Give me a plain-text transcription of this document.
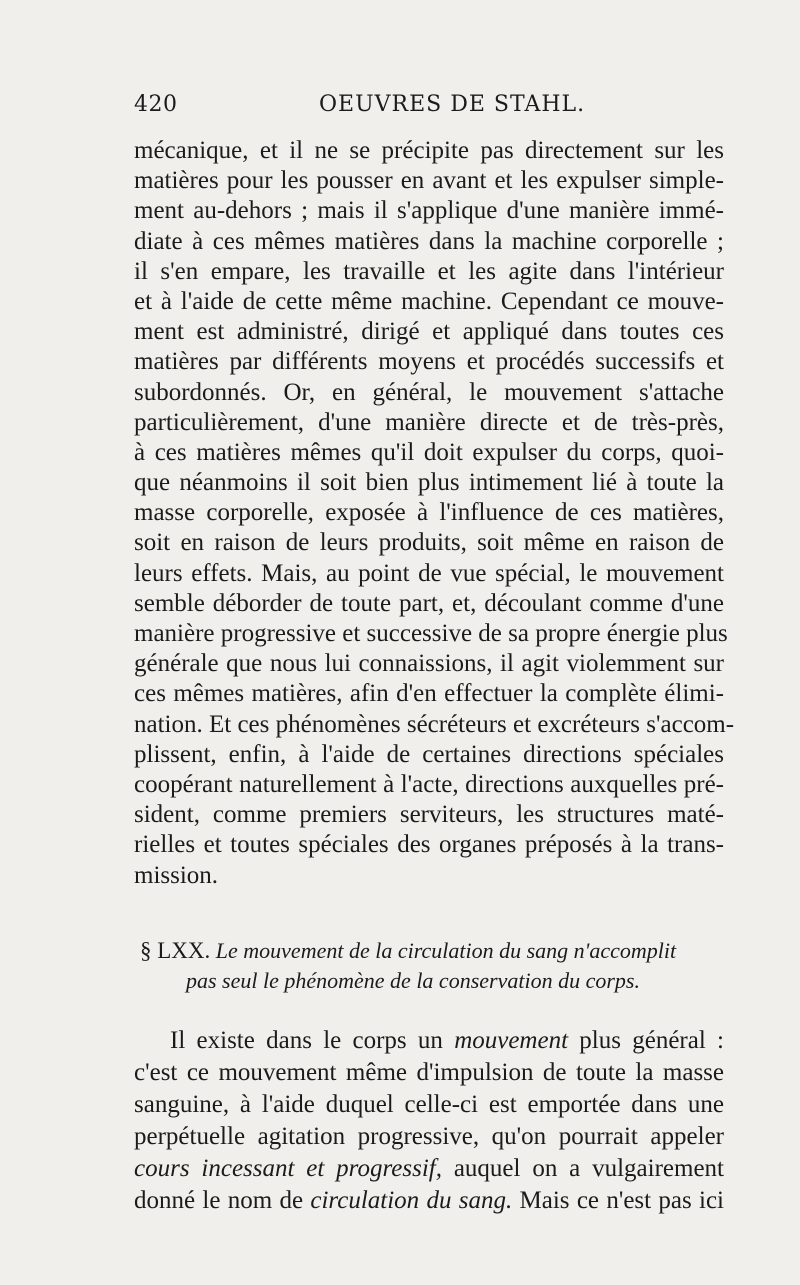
420	OEUVRES DE STAHL.
mécanique, et il ne se précipite pas directement sur les
matières pour les pousser en avant et les expulser simple-
ment au-dehors ; mais il s'applique d'une manière immé-
diate à ces mêmes matières dans la machine corporelle ;
il s'en empare, les travaille et les agite dans l'intérieur
et à l'aide de cette même machine. Cependant ce mouve-
ment est administré, dirigé et appliqué dans toutes ces
matières par différents moyens et procédés successifs et
subordonnés. Or, en général, le mouvement s'attache
particulièrement, d'une manière directe et de très-près,
à ces matières mêmes qu'il doit expulser du corps, quoi-
que néanmoins il soit bien plus intimement lié à toute la
masse corporelle, exposée à l'influence de ces matières,
soit en raison de leurs produits, soit même en raison de
leurs effets. Mais, au point de vue spécial, le mouvement
semble déborder de toute part, et, découlant comme d'une
manière progressive et successive de sa propre énergie plus
générale que nous lui connaissions, il agit violemment sur
ces mêmes matières, afin d'en effectuer la complète élimi-
nation. Et ces phénomènes sécréteurs et excréteurs s'accom-
plissent, enfin, à l'aide de certaines directions spéciales
coopérant naturellement à l'acte, directions auxquelles pré-
sident, comme premiers serviteurs, les structures maté-
rielles et toutes spéciales des organes préposés à la trans-
mission.
§ LXX. Le mouvement de la circulation du sang n'accomplit
pas seul le phénomène de la conservation du corps.
Il existe dans le corps un mouvement plus général :
c'est ce mouvement même d'impulsion de toute la masse
sanguine, à l'aide duquel celle-ci est emportée dans une
perpétuelle agitation progressive, qu'on pourrait appeler
cours incessant et progressif, auquel on a vulgairement
donné le nom de circulation du sang. Mais ce n'est pas ici
